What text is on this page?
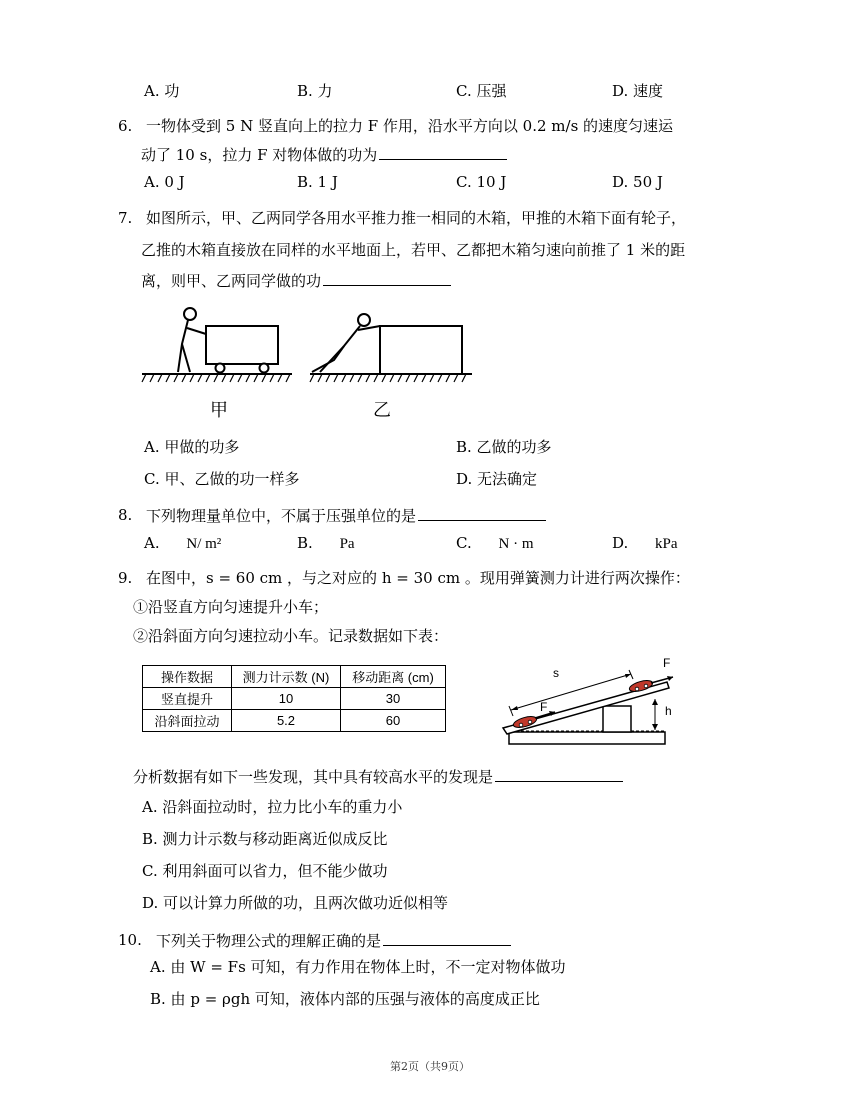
A. 功	B. 力	C. 压强	D. 速度
6. 一物体受到 5 N 竖直向上的拉力 F 作用，沿水平方向以 0.2 m/s 的速度匀速运
动了 10 s，拉力 F 对物体做的功为
A. 0 J	B. 1 J	C. 10 J	D. 50 J
7. 如图所示，甲、乙两同学各用水平推力推一相同的木箱，甲推的木箱下面有轮子，
乙推的木箱直接放在同样的水平地面上，若甲、乙都把木箱匀速向前推了 1 米的距
离，则甲、乙两同学做的功
甲	乙
A. 甲做的功多	B. 乙做的功多
C. 甲、乙做的功一样多	D. 无法确定
8. 下列物理量单位中，不属于压强单位的是
A. N/ m²	B. Pa	C. N · m	D. kPa
9. 在图中，s = 60 cm ，与之对应的 h = 30 cm 。现用弹簧测力计进行两次操作：
①沿竖直方向匀速提升小车；
②沿斜面方向匀速拉动小车。记录数据如下表：
操作数据	测力计示数 (N)	移动距离 (cm)
竖直提升	10	30
沿斜面拉动	5.2	60
s
F
F	h
分析数据有如下一些发现，其中具有较高水平的发现是
A. 沿斜面拉动时，拉力比小车的重力小
B. 测力计示数与移动距离近似成反比
C. 利用斜面可以省力，但不能少做功
D. 可以计算力所做的功，且两次做功近似相等
10. 下列关于物理公式的理解正确的是
A. 由 W = Fs 可知，有力作用在物体上时，不一定对物体做功
B. 由 p = ρgh 可知，液体内部的压强与液体的高度成正比
第2页（共9页）
